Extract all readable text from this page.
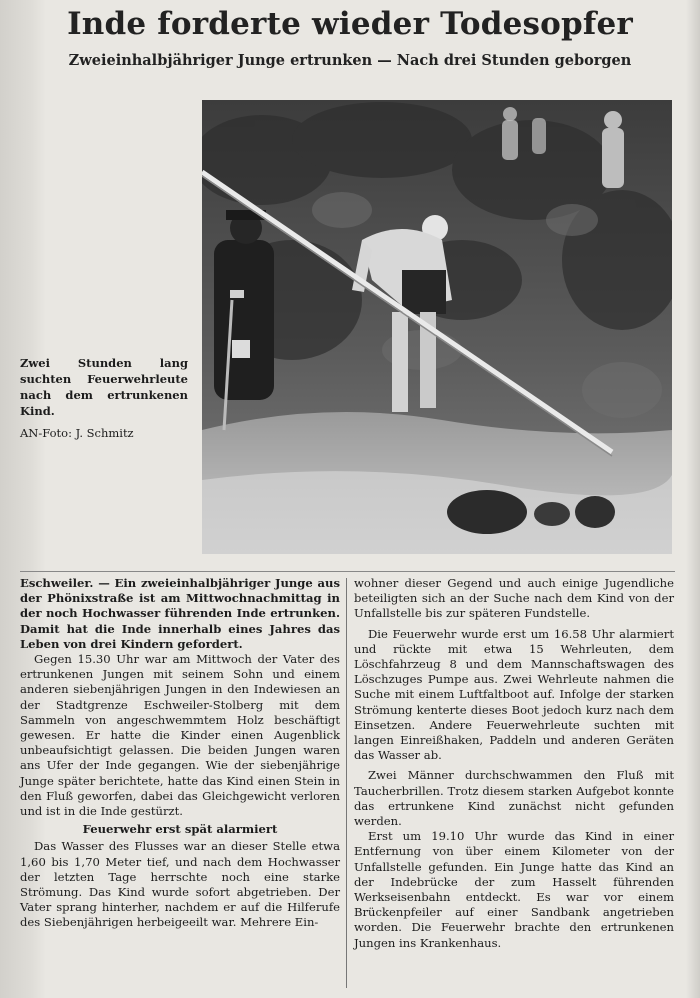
Inde forderte wieder Todesopfer
Zweieinhalbjähriger Junge ertrunken — Nach drei Stunden geborgen
Zwei Stunden lang suchten Feuerwehrleute nach dem ertrunkenen Kind.
AN-Foto: J. Schmitz

Eschweiler. — Ein zweieinhalbjähriger Junge aus der Phönixstraße ist am Mittwochnachmittag in der noch Hochwasser führenden Inde ertrunken. Damit hat die Inde innerhalb eines Jahres das Leben von drei Kindern gefordert.

Gegen 15.30 Uhr war am Mittwoch der Vater des ertrunkenen Jungen mit seinem Sohn und einem anderen siebenjährigen Jungen in den Indewiesen an der Stadtgrenze Eschweiler-Stolberg mit dem Sammeln von angeschwemmtem Holz beschäftigt gewesen. Er hatte die Kinder einen Augenblick unbeaufsichtigt gelassen. Die beiden Jungen waren ans Ufer der Inde gegangen. Wie der siebenjährige Junge später berichtete, hatte das Kind einen Stein in den Fluß geworfen, dabei das Gleichgewicht verloren und ist in die Inde gestürzt.

Feuerwehr erst spät alarmiert

Das Wasser des Flusses war an dieser Stelle etwa 1,60 bis 1,70 Meter tief, und nach dem Hochwasser der letzten Tage herrschte noch eine starke Strömung. Das Kind wurde sofort abgetrieben. Der Vater sprang hinterher, nachdem er auf die Hilferufe des Siebenjährigen herbeigeeilt war. Mehrere Ein-

wohner dieser Gegend und auch einige Jugendliche beteiligten sich an der Suche nach dem Kind von der Unfallstelle bis zur späteren Fundstelle.

Die Feuerwehr wurde erst um 16.58 Uhr alarmiert und rückte mit etwa 15 Wehrleuten, dem Löschfahrzeug 8 und dem Mannschaftswagen des Löschzuges Pumpe aus. Zwei Wehrleute nahmen die Suche mit einem Luftfaltboot auf. Infolge der starken Strömung kenterte dieses Boot jedoch kurz nach dem Einsetzen. Andere Feuerwehrleute suchten mit langen Einreißhaken, Paddeln und anderen Geräten das Wasser ab.

Zwei Männer durchschwammen den Fluß mit Taucherbrillen. Trotz diesem starken Aufgebot konnte das ertrunkene Kind zunächst nicht gefunden werden.

Erst um 19.10 Uhr wurde das Kind in einer Entfernung von über einem Kilometer von der Unfallstelle gefunden. Ein Junge hatte das Kind an der Indebrücke der zum Hasselt führenden Werkseisenbahn entdeckt. Es war vor einem Brückenpfeiler auf einer Sandbank angetrieben worden. Die Feuerwehr brachte den ertrunkenen Jungen ins Krankenhaus.
